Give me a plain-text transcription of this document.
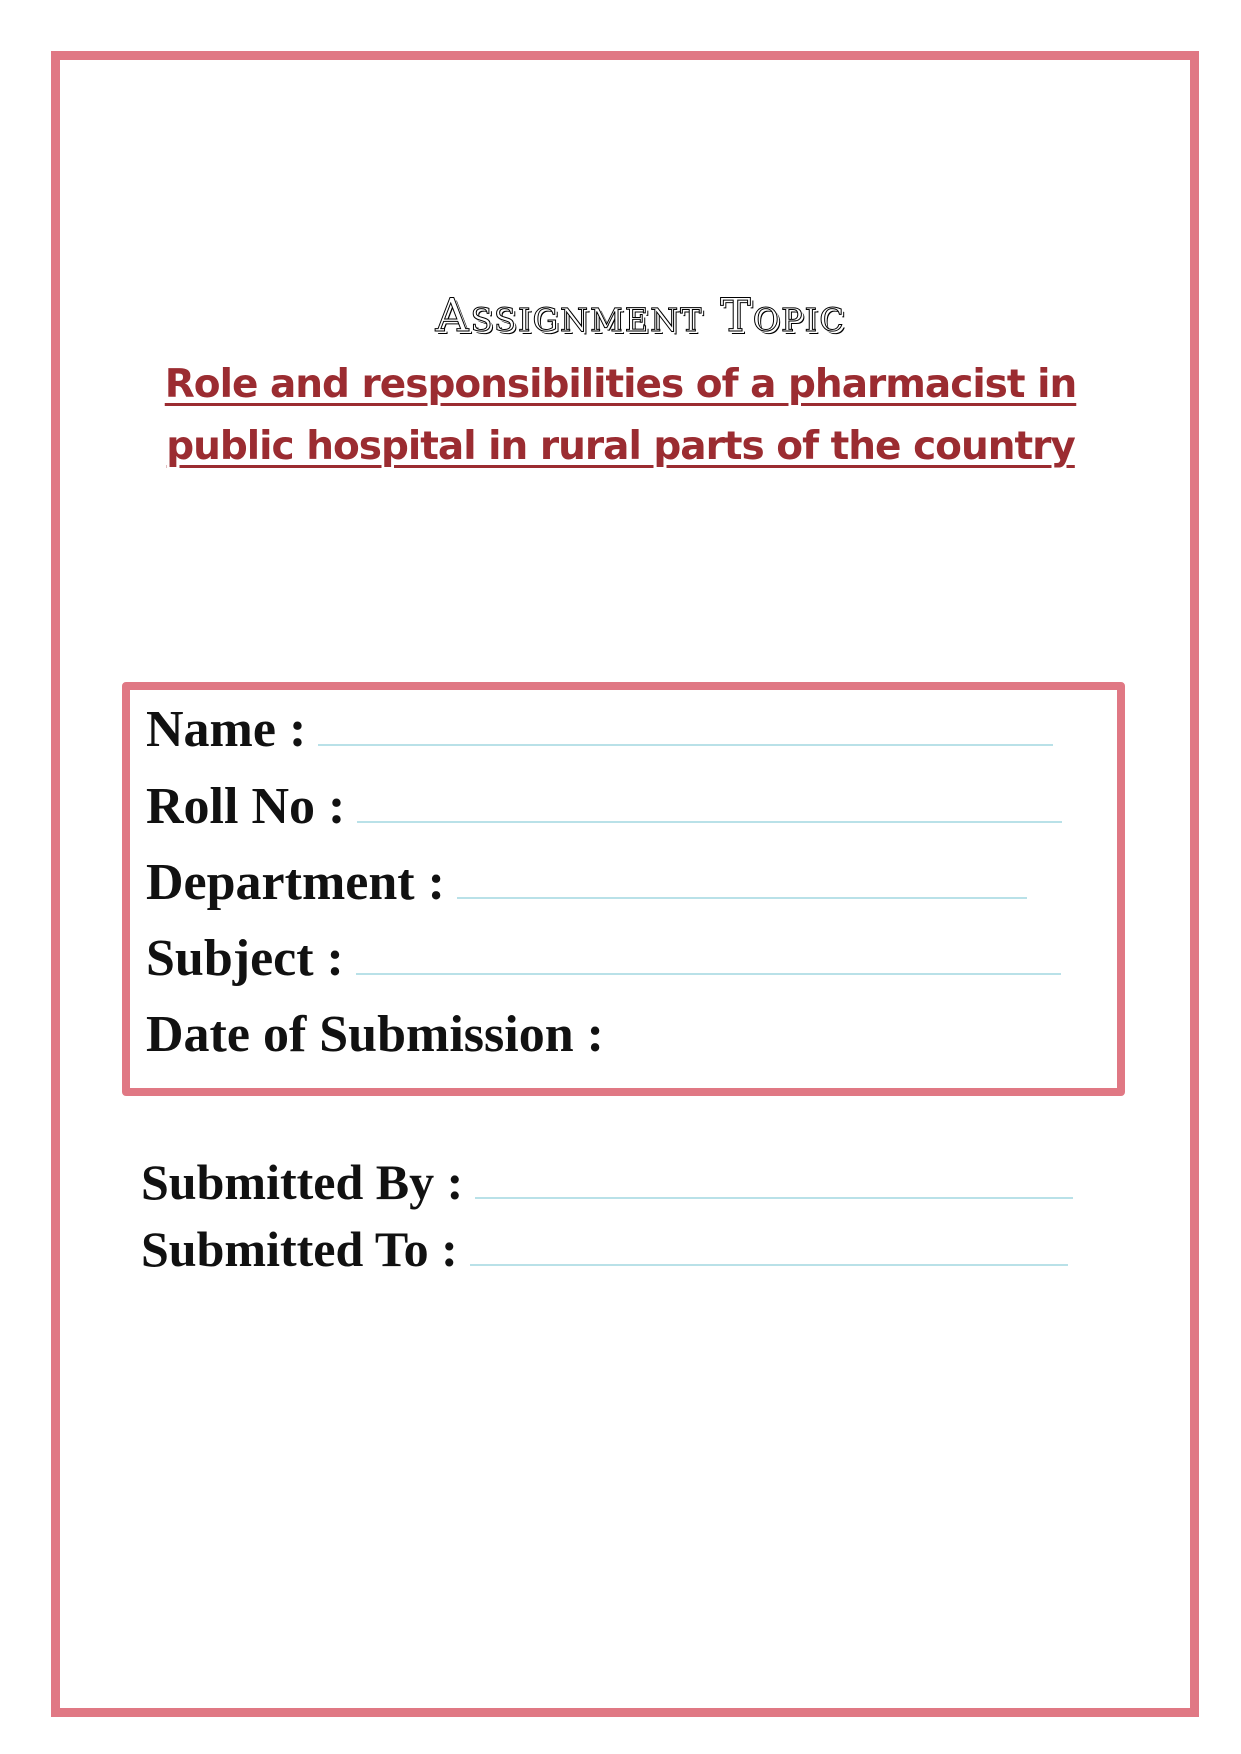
Assignment Topic
Role and responsibilities of a pharmacist in
public hospital in rural parts of the country
Name :
Roll No :
Department :
Subject :
Date of Submission :
Submitted By :
Submitted To :
